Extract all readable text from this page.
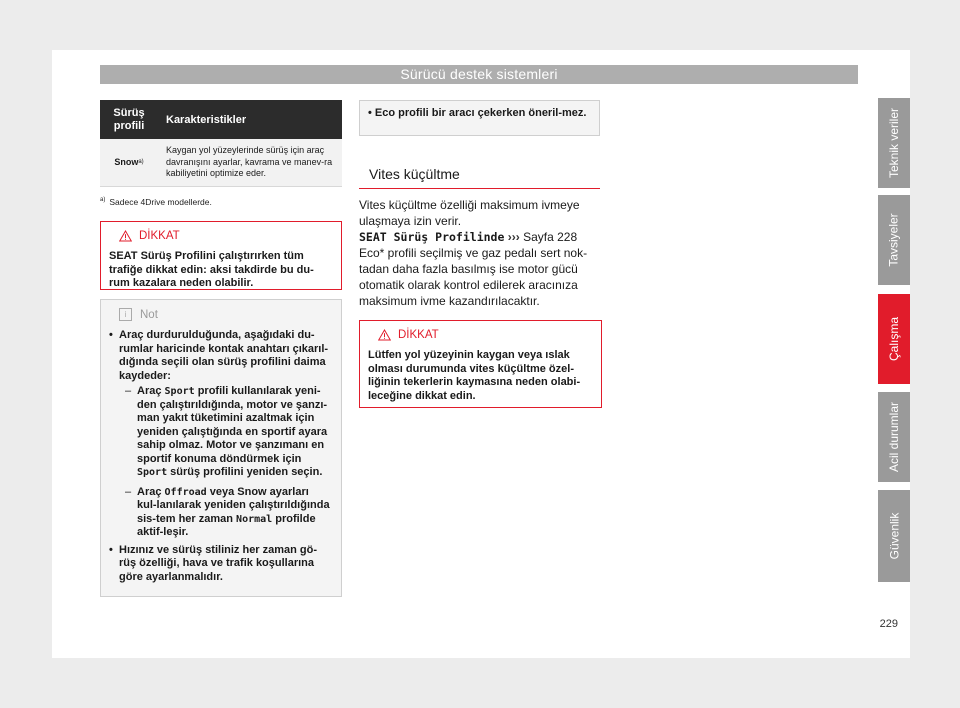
Sürücü destek sistemleri
Teknik veriler
Tavsiyeler
Çalışma
Acil durumlar
Güvenlik
229
Sürüş profili	Karakteristikler
Snow a)
Kaygan yol yüzeylerinde sürüş için araç davranışını ayarlar, kavrama ve manev-ra kabiliyetini optimize eder.
$^{a)}$ Sadece 4Drive modellerde.
DİKKAT
SEAT Sürüş Profilini çalıştırırken tüm trafiğe dikkat edin: aksi takdirde bu du-rum kazalara neden olabilir.
i	Not
• Araç durdurulduğunda, aşağıdaki du-rumlar haricinde kontak anahtarı çıkarıl-dığında seçili olan sürüş profilini daima kaydeder:
– Araç Sport profili kullanılarak yeni-den çalıştırıldığında, motor ve şanzı-man yakıt tüketimini azaltmak için yeniden çalıştığında en sportif ayara sahip olmaz. Motor ve şanzımanı en sportif konuma döndürmek için Sport sürüş profilini yeniden seçin.
– Araç Offroad veya Snow ayarları kul-lanılarak yeniden çalıştırıldığında sis-tem her zaman Normal profilde aktif-leşir.
• Hızınız ve sürüş stiliniz her zaman gö-rüş özelliği, hava ve trafik koşullarına göre ayarlanmalıdır.
• Eco profili bir aracı çekerken öneril-mez.
Vites küçültme
Vites küçültme özelliği maksimum ivmeye ulaşmaya izin verir.
SEAT Sürüş Profilinde ››› Sayfa 228
Eco* profili seçilmiş ve gaz pedalı sert nok-tadan daha fazla basılmış ise motor gücü otomatik olarak kontrol edilerek aracınıza maksimum ivme kazandırılacaktır.
DİKKAT
Lütfen yol yüzeyinin kaygan veya ıslak olması durumunda vites küçültme özel-liğinin tekerlerin kaymasına neden olabi-leceğine dikkat edin.
